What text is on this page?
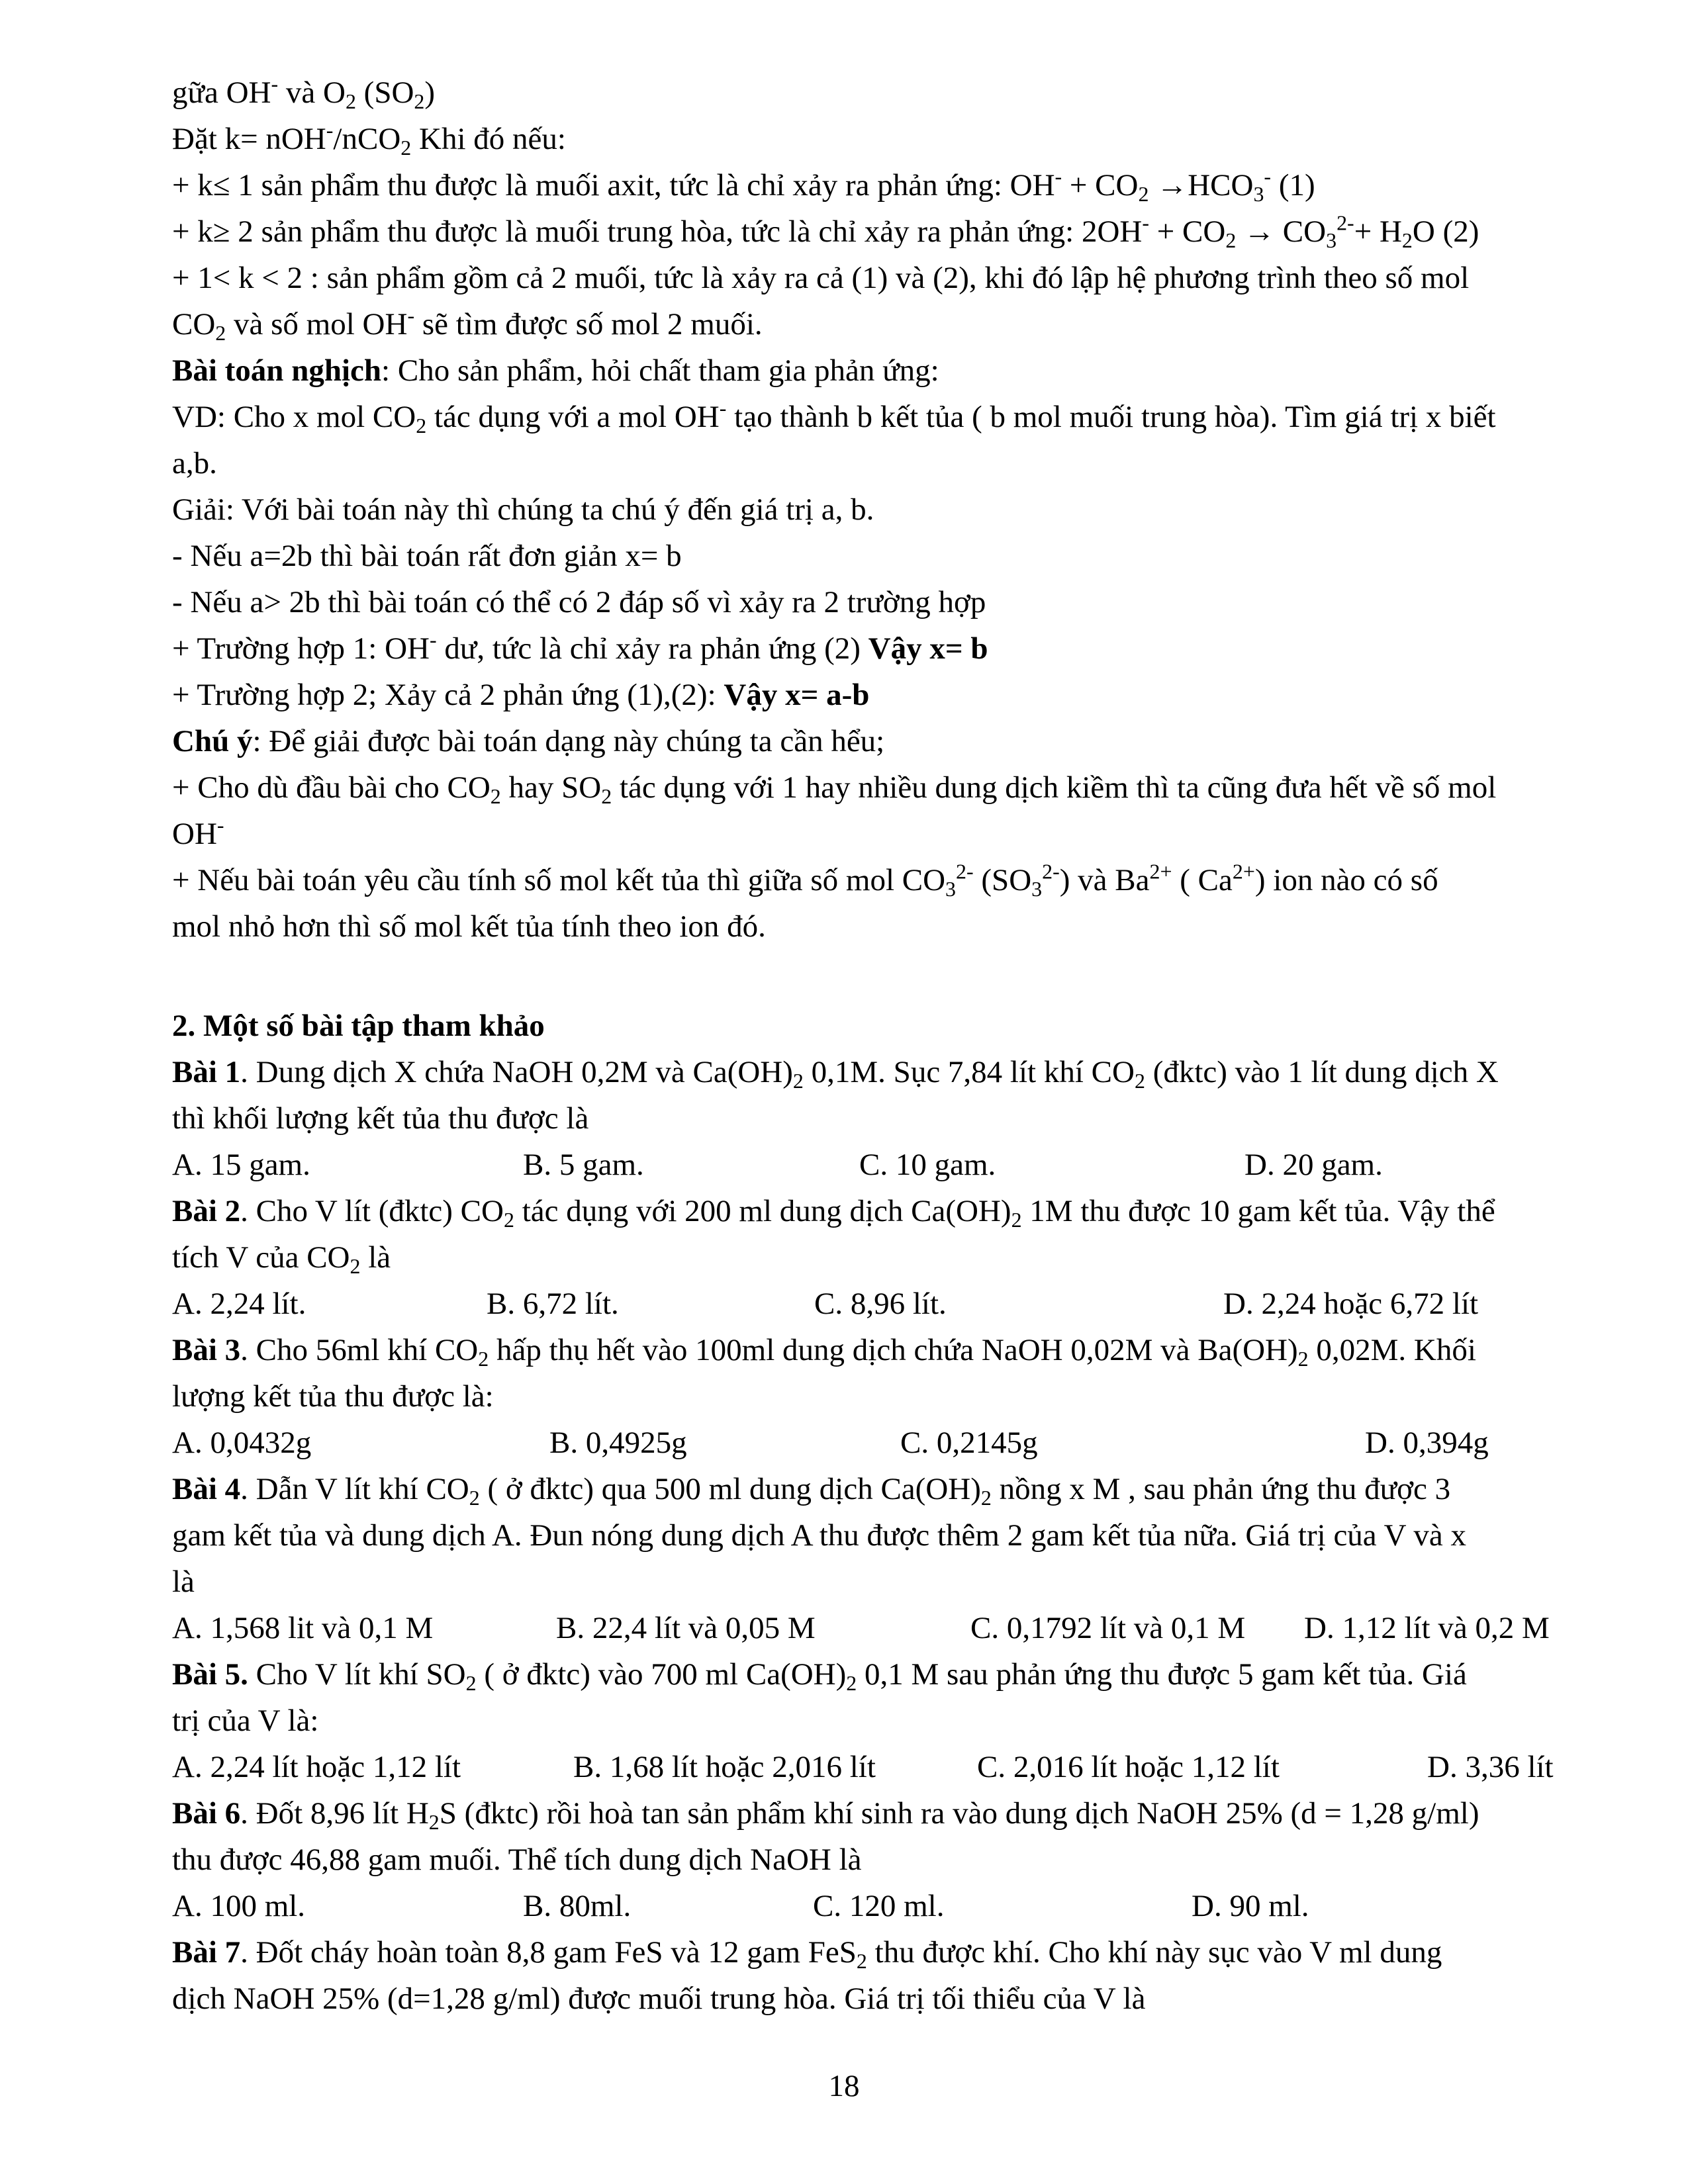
gữa OH- và $O_2$ $(SO_2)$
Đặt k= nOH-/nCO$_2$ Khi đó nếu:
+ k≤ 1 sản phẩm thu được là muối axit, tức là chỉ xảy ra phản ứng: $OH^- + CO_2 \to HCO_3^-$ (1)
+ k≥ 2 sản phẩm thu được là muối trung hòa, tức là chỉ xảy ra phản ứng: $2OH^- + CO_2 \to CO_3^{2-}+ H_2O$ (2)
+ 1< k < 2 : sản phẩm gồm cả 2 muối, tức là xảy ra cả (1) và (2), khi đó lập hệ phương trình theo số mol
$CO_2$ và số mol OH- sẽ tìm được số mol 2 muối.
Bài toán nghịch: Cho sản phẩm, hỏi chất tham gia phản ứng:
VD: Cho x mol $CO_2$ tác dụng với a mol OH- tạo thành b kết tủa ( b mol muối trung hòa). Tìm giá trị x biết
a,b.
Giải: Với bài toán này thì chúng ta chú ý đến giá trị a, b.
- Nếu a=2b thì bài toán rất đơn giản x= b
- Nếu a> 2b thì bài toán có thể có 2 đáp số vì xảy ra 2 trường hợp
+ Trường hợp 1: OH- dư, tức là chỉ xảy ra phản ứng (2) Vậy x= b
+ Trường hợp 2; Xảy cả 2 phản ứng (1),(2): Vậy x= a-b
Chú ý: Để giải được bài toán dạng này chúng ta cần hểu;
+ Cho dù đầu bài cho $CO_2$ hay $SO_2$ tác dụng với 1 hay nhiều dung dịch kiềm thì ta cũng đưa hết về số mol
OH-
+ Nếu bài toán yêu cầu tính số mol kết tủa thì giữa số mol $CO_3^{2-}$ $(SO_3^{2-})$ và $Ba^{2+}$ ( $Ca^{2+}$) ion nào có số
mol nhỏ hơn thì số mol kết tủa tính theo ion đó.
2. Một số bài tập tham khảo
Bài 1. Dung dịch X chứa NaOH 0,2M và $Ca(OH)_2$ 0,1M. Sục 7,84 lít khí $CO_2$ (đktc) vào 1 lít dung dịch X
thì khối lượng kết tủa thu được là
A. 15 gam.	B. 5 gam.	C. 10 gam.	D. 20 gam.
Bài 2. Cho V lít (đktc) $CO_2$ tác dụng với 200 ml dung dịch $Ca(OH)_2$ 1M thu được 10 gam kết tủa. Vậy thể
tích V của $CO_2$ là
A. 2,24 lít.	B. 6,72 lít.	C. 8,96 lít.	D. 2,24 hoặc 6,72 lít
Bài 3. Cho 56ml khí $CO_2$ hấp thụ hết vào 100ml dung dịch chứa NaOH 0,02M và $Ba(OH)_2$ 0,02M. Khối
lượng kết tủa thu được là:
A. 0,0432g	B. 0,4925g	C. 0,2145g	D. 0,394g
Bài 4. Dẫn V lít khí $CO_2$ ( ở đktc) qua 500 ml dung dịch $Ca(OH)_2$ nồng x M , sau phản ứng thu được 3
gam kết tủa và dung dịch A. Đun nóng dung dịch A thu được thêm 2 gam kết tủa nữa. Giá trị của V và x
là
A. 1,568 lit và 0,1 M	B. 22,4 lít và 0,05 M	C. 0,1792 lít và 0,1 M D. 1,12 lít và 0,2 M
Bài 5. Cho V lít khí $SO_2$ ( ở đktc) vào 700 ml $Ca(OH)_2$ 0,1 M sau phản ứng thu được 5 gam kết tủa. Giá
trị của V là:
A. 2,24 lít hoặc 1,12 lít	B. 1,68 lít hoặc 2,016 lít	C. 2,016 lít hoặc 1,12 lít	D. 3,36 lít
Bài 6. Đốt 8,96 lít $H_2S$ (đktc) rồi hoà tan sản phẩm khí sinh ra vào dung dịch NaOH 25% (d = 1,28 g/ml)
thu được 46,88 gam muối. Thể tích dung dịch NaOH là
A. 100 ml.	B. 80ml.	C. 120 ml.	D. 90 ml.
Bài 7. Đốt cháy hoàn toàn 8,8 gam FeS và 12 gam FeS$_2$ thu được khí. Cho khí này sục vào V ml dung
dịch NaOH 25% (d=1,28 g/ml) được muối trung hòa. Giá trị tối thiểu của V là
18
